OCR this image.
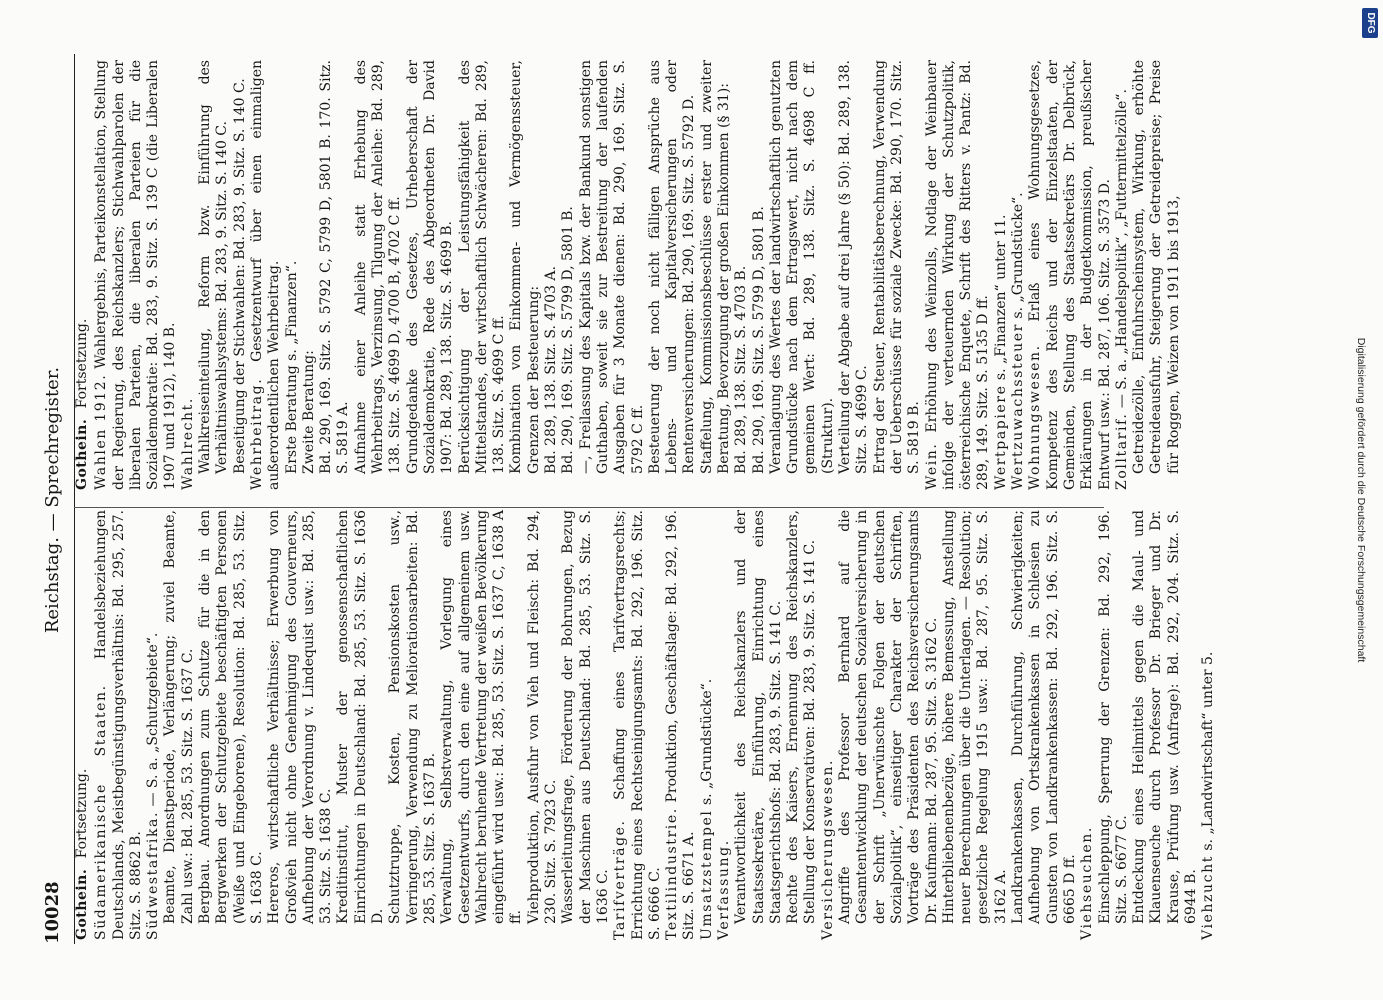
10028
Reichstag. — Sprechregister.
Gothein. Fortsetzung. Südamerikanische Staaten. Handelsbeziehungen Deutschlands, Meistbegünstigungsverhältnis: Bd. 295, 257. Sitz. S. 8862 B. Südwestafrika. — S. a. „Schutzgebiete“. Beamte, Dienstperiode, Verlängerung; zuviel Beamte, Zahl usw.: Bd. 285, 53. Sitz. S. 1637 C. Bergbau. Anordnungen zum Schutze für die in den Bergwerken der Schutzgebiete beschäftigten Personen (Weiße und Eingeborene), Resolution: Bd. 285, 53. Sitz. S. 1638 C. Hereros, wirtschaftliche Verhältnisse; Erwerbung von Großvieh nicht ohne Genehmigung des Gouverneurs, Aufhebung der Verordnung v. Lindequist usw.: Bd. 285, 53. Sitz. S. 1638 C. Kreditinstitut, Muster der genossenschaftlichen Einrichtungen in Deutschland: Bd. 285, 53. Sitz. S. 1636 D. Schutztruppe, Kosten, Pensionskosten usw., Verringerung, Verwendung zu Meliorationsarbeiten: Bd. 285, 53. Sitz. S. 1637 B. Verwaltung, Selbstverwaltung, Vorlegung eines Gesetzentwurfs, durch den eine auf allgemeinem usw. Wahlrecht beruhende Vertretung der weißen Bevölkerung eingeführt wird usw.: Bd. 285, 53. Sitz. S. 1637 C, 1638 A ff. Viehproduktion, Ausfuhr von Vieh und Fleisch: Bd. 294, 230. Sitz. S. 7923 C. Wasserleitungsfrage, Förderung der Bohrungen, Bezug der Maschinen aus Deutschland: Bd. 285, 53. Sitz. S. 1636 C. Tarifverträge. Schaffung eines Tarifvertragsrechts; Errichtung eines Rechtseinigungsamts: Bd. 292, 196. Sitz. S. 6666 C. Textilindustrie. Produktion, Geschäftslage: Bd. 292, 196. Sitz. S. 6671 A. Umsatzstempel s. „Grundstücke“.
Verfassung. Verantwortlichkeit des Reichskanzlers und der Staatssekretäre, Einführung, Einrichtung eines Staatsgerichtshofs: Bd. 283, 9. Sitz. S. 141 C. Rechte des Kaisers, Ernennung des Reichskanzlers, Stellung der Konservativen: Bd. 283, 9. Sitz. S. 141 C. Versicherungswesen. Angriffe des Professor Bernhard auf die Gesamtentwicklung der deutschen Sozialversicherung in der Schrift „Unerwünschte Folgen der deutschen Sozialpolitik“, einseitiger Charakter der Schriften, Vorträge des Präsidenten des Reichsversicherungsamts Dr. Kaufmann: Bd. 287, 95. Sitz. S. 3162 C. Hinterbliebenenbezüge, höhere Bemessung, Anstellung neuer Berechnungen über die Unterlagen. — Resolution; gesetzliche Regelung 1915 usw.: Bd. 287, 95. Sitz. S. 3162 A. Landkrankenkassen, Durchführung, Schwierigkeiten; Aufhebung von Ortskrankenkassen in Schlesien zu Gunsten von Landkrankenkassen: Bd. 292, 196. Sitz. S. 6665 D ff. Viehseuchen. Einschleppung, Sperrung der Grenzen: Bd. 292, 196. Sitz. S. 6677 C. Entdeckung eines Heilmittels gegen die Maul- und Klauenseuche durch Professor Dr. Brieger und Dr. Krause, Prüfung usw. (Anfrage): Bd. 292, 204. Sitz. S. 6944 B. Viehzucht s. „Landwirtschaft“ unter 5.
Gothein. Fortsetzung.
Wahlen 1912. Wahlergebnis, Parteikonstellation, Stellung der Regierung, des Reichskanzlers; Stichwahlparolen der liberalen Parteien, die liberalen Parteien für die Sozialdemokratie: Bd. 283, 9. Sitz. S. 139 C (die Liberalen 1907 und 1912), 140 B. Wahlrecht. Wahlkreiseinteilung, Reform bzw. Einführung des Verhältniswahlsystems: Bd. 283, 9. Sitz. S. 140 C. Beseitigung der Stichwahlen: Bd. 283, 9. Sitz. S. 140 C. Wehrbeitrag. Gesetzentwurf über einen einmaligen außerordentlichen Wehrbeitrag. Erste Beratung s. „Finanzen“. Zweite Beratung: Bd. 290, 169. Sitz. S. 5792 C, 5799 D, 5801 B. 170. Sitz. S. 5819 A. Aufnahme einer Anleihe statt Erhebung des Wehrbeitrags, Verzinsung, Tilgung der Anleihe: Bd. 289, 138. Sitz. S. 4699 D, 4700 B, 4702 C ff. Grundgedanke des Gesetzes, Urheberschaft der Sozialdemokratie, Rede des Abgeordneten Dr. David 1907: Bd. 289, 138. Sitz. S. 4699 B. Berücksichtigung der Leistungsfähigkeit des Mittelstandes, der wirtschaftlich Schwächeren: Bd. 289, 138. Sitz. S. 4699 C ff. Kombination von Einkommen- und Vermögenssteuer, Grenzen der Besteuerung: Bd. 289, 138. Sitz. S. 4703 A. Bd. 290, 169. Sitz. S. 5799 D, 5801 B. —, Freilassung des Kapitals bzw. der Bankund sonstigen Guthaben, soweit sie zur Bestreitung der laufenden Ausgaben für 3 Monate dienen: Bd. 290, 169. Sitz. S. 5792 C ff. Besteuerung der noch nicht fälligen Ansprüche aus Lebens- und Kapitalversicherungen oder Rentenversicherungen: Bd. 290, 169. Sitz. S. 5792 D. Staffelung, Kommissionsbeschlüsse erster und zweiter Beratung, Bevorzugung der großen Einkommen (§ 31): Bd. 289, 138. Sitz. S. 4703 B. Bd. 290, 169. Sitz. S. 5799 D, 5801 B. Veranlagung des Wertes der landwirtschaftlich genutzten Grundstücke nach dem Ertragswert, nicht nach dem gemeinen Wert: Bd. 289, 138. Sitz. S. 4698 C ff. (Struktur). Verteilung der Abgabe auf drei Jahre (§ 50): Bd. 289, 138. Sitz. S. 4699 C. Ertrag der Steuer, Rentabilitätsberechnung, Verwendung der Ueberschüsse für soziale Zwecke: Bd. 290, 170. Sitz. S. 5819 B. Wein. Erhöhung des Weinzolls, Notlage der Weinbauer infolge der verteuernden Wirkung der Schutzpolitik, österreichische Enquete, Schrift des Ritters v. Pantz: Bd. 289, 149. Sitz. S. 5135 D ff. Wertpapiere s. „Finanzen“ unter 11.
Wertzuwachssteuer s. „Grundstücke“.
Wohnungswesen. Erlaß eines Wohnungsgesetzes, Kompetenz des Reichs und der Einzelstaaten, der Gemeinden, Stellung des Staatssekretärs Dr. Delbrück, Erklärungen in der Budgetkommission, preußischer Entwurf usw.: Bd. 287, 106. Sitz. S. 3573 D. Zolltarif. — S. a. „Handelspolitik“, „Futtermittelzölle“. Getreidezölle, Einfuhrscheinsystem, Wirkung, erhöhte Getreideausfuhr, Steigerung der Getreidepreise; Preise für Roggen, Weizen von 1911 bis 1913,
Digitalisierung gefördert durch die Deutsche Forschungsgemeinschaft
DFG
